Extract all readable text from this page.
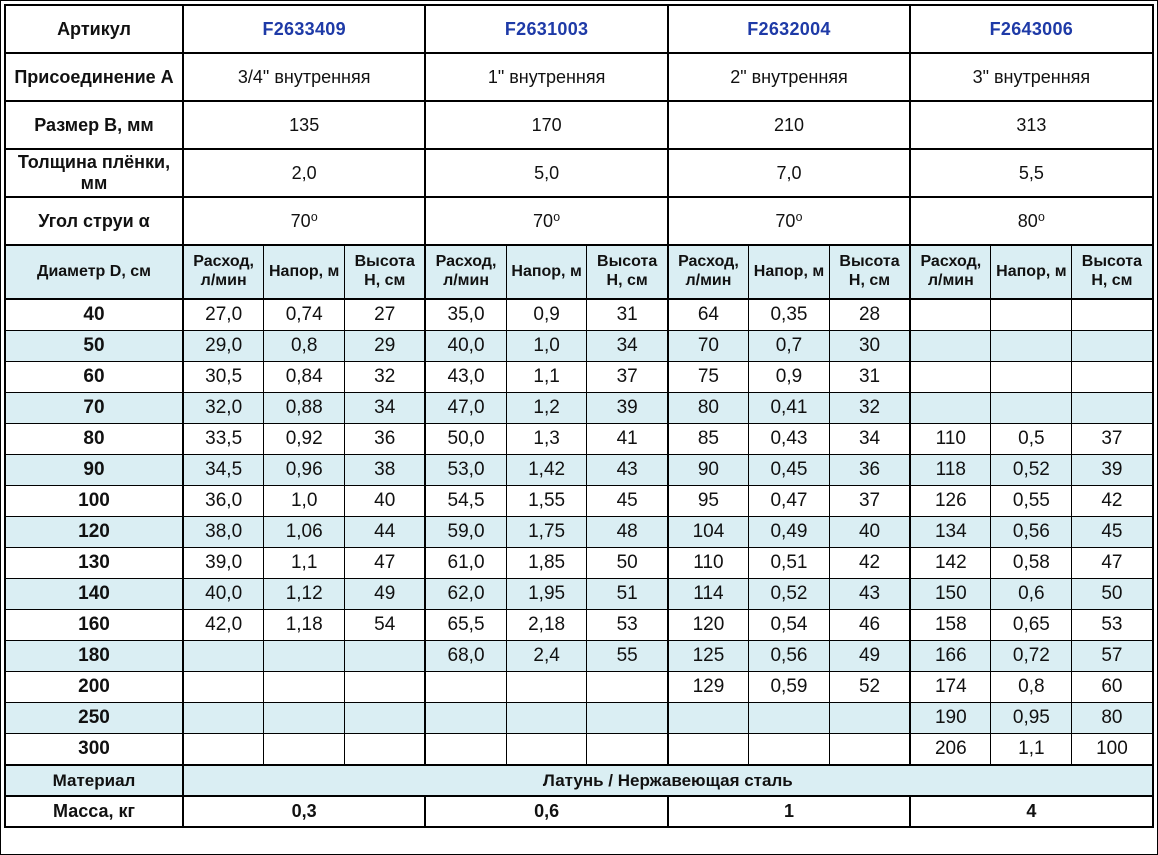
Артикул	F2633409			F2631003			F2632004			F2643006		
Присоединение A	3/4" внутренняя			1" внутренняя			2" внутренняя			3" внутренняя		
Размер B, мм	135			170			210			313		
Толщина плёнки, мм	2,0			5,0			7,0			5,5		
Угол струи α	70⁰			70⁰			70⁰			80⁰		
Диаметр D, см	Расход, л/мин	Напор, м	Высота H, см	Расход, л/мин	Напор, м	Высота H, см	Расход, л/мин	Напор, м	Высота H, см	Расход, л/мин	Напор, м	Высота H, см
40	27,0	0,74	27	35,0	0,9	31	64	0,35	28			
50	29,0	0,8	29	40,0	1,0	34	70	0,7	30			
60	30,5	0,84	32	43,0	1,1	37	75	0,9	31			
70	32,0	0,88	34	47,0	1,2	39	80	0,41	32			
80	33,5	0,92	36	50,0	1,3	41	85	0,43	34	110	0,5	37
90	34,5	0,96	38	53,0	1,42	43	90	0,45	36	118	0,52	39
100	36,0	1,0	40	54,5	1,55	45	95	0,47	37	126	0,55	42
120	38,0	1,06	44	59,0	1,75	48	104	0,49	40	134	0,56	45
130	39,0	1,1	47	61,0	1,85	50	110	0,51	42	142	0,58	47
140	40,0	1,12	49	62,0	1,95	51	114	0,52	43	150	0,6	50
160	42,0	1,18	54	65,5	2,18	53	120	0,54	46	158	0,65	53
180				68,0	2,4	55	125	0,56	49	166	0,72	57
200							129	0,59	52	174	0,8	60
250										190	0,95	80
300										206	1,1	100
Материал	Латунь / Нержавеющая сталь											
Масса, кг	0,3			0,6			1			4		
